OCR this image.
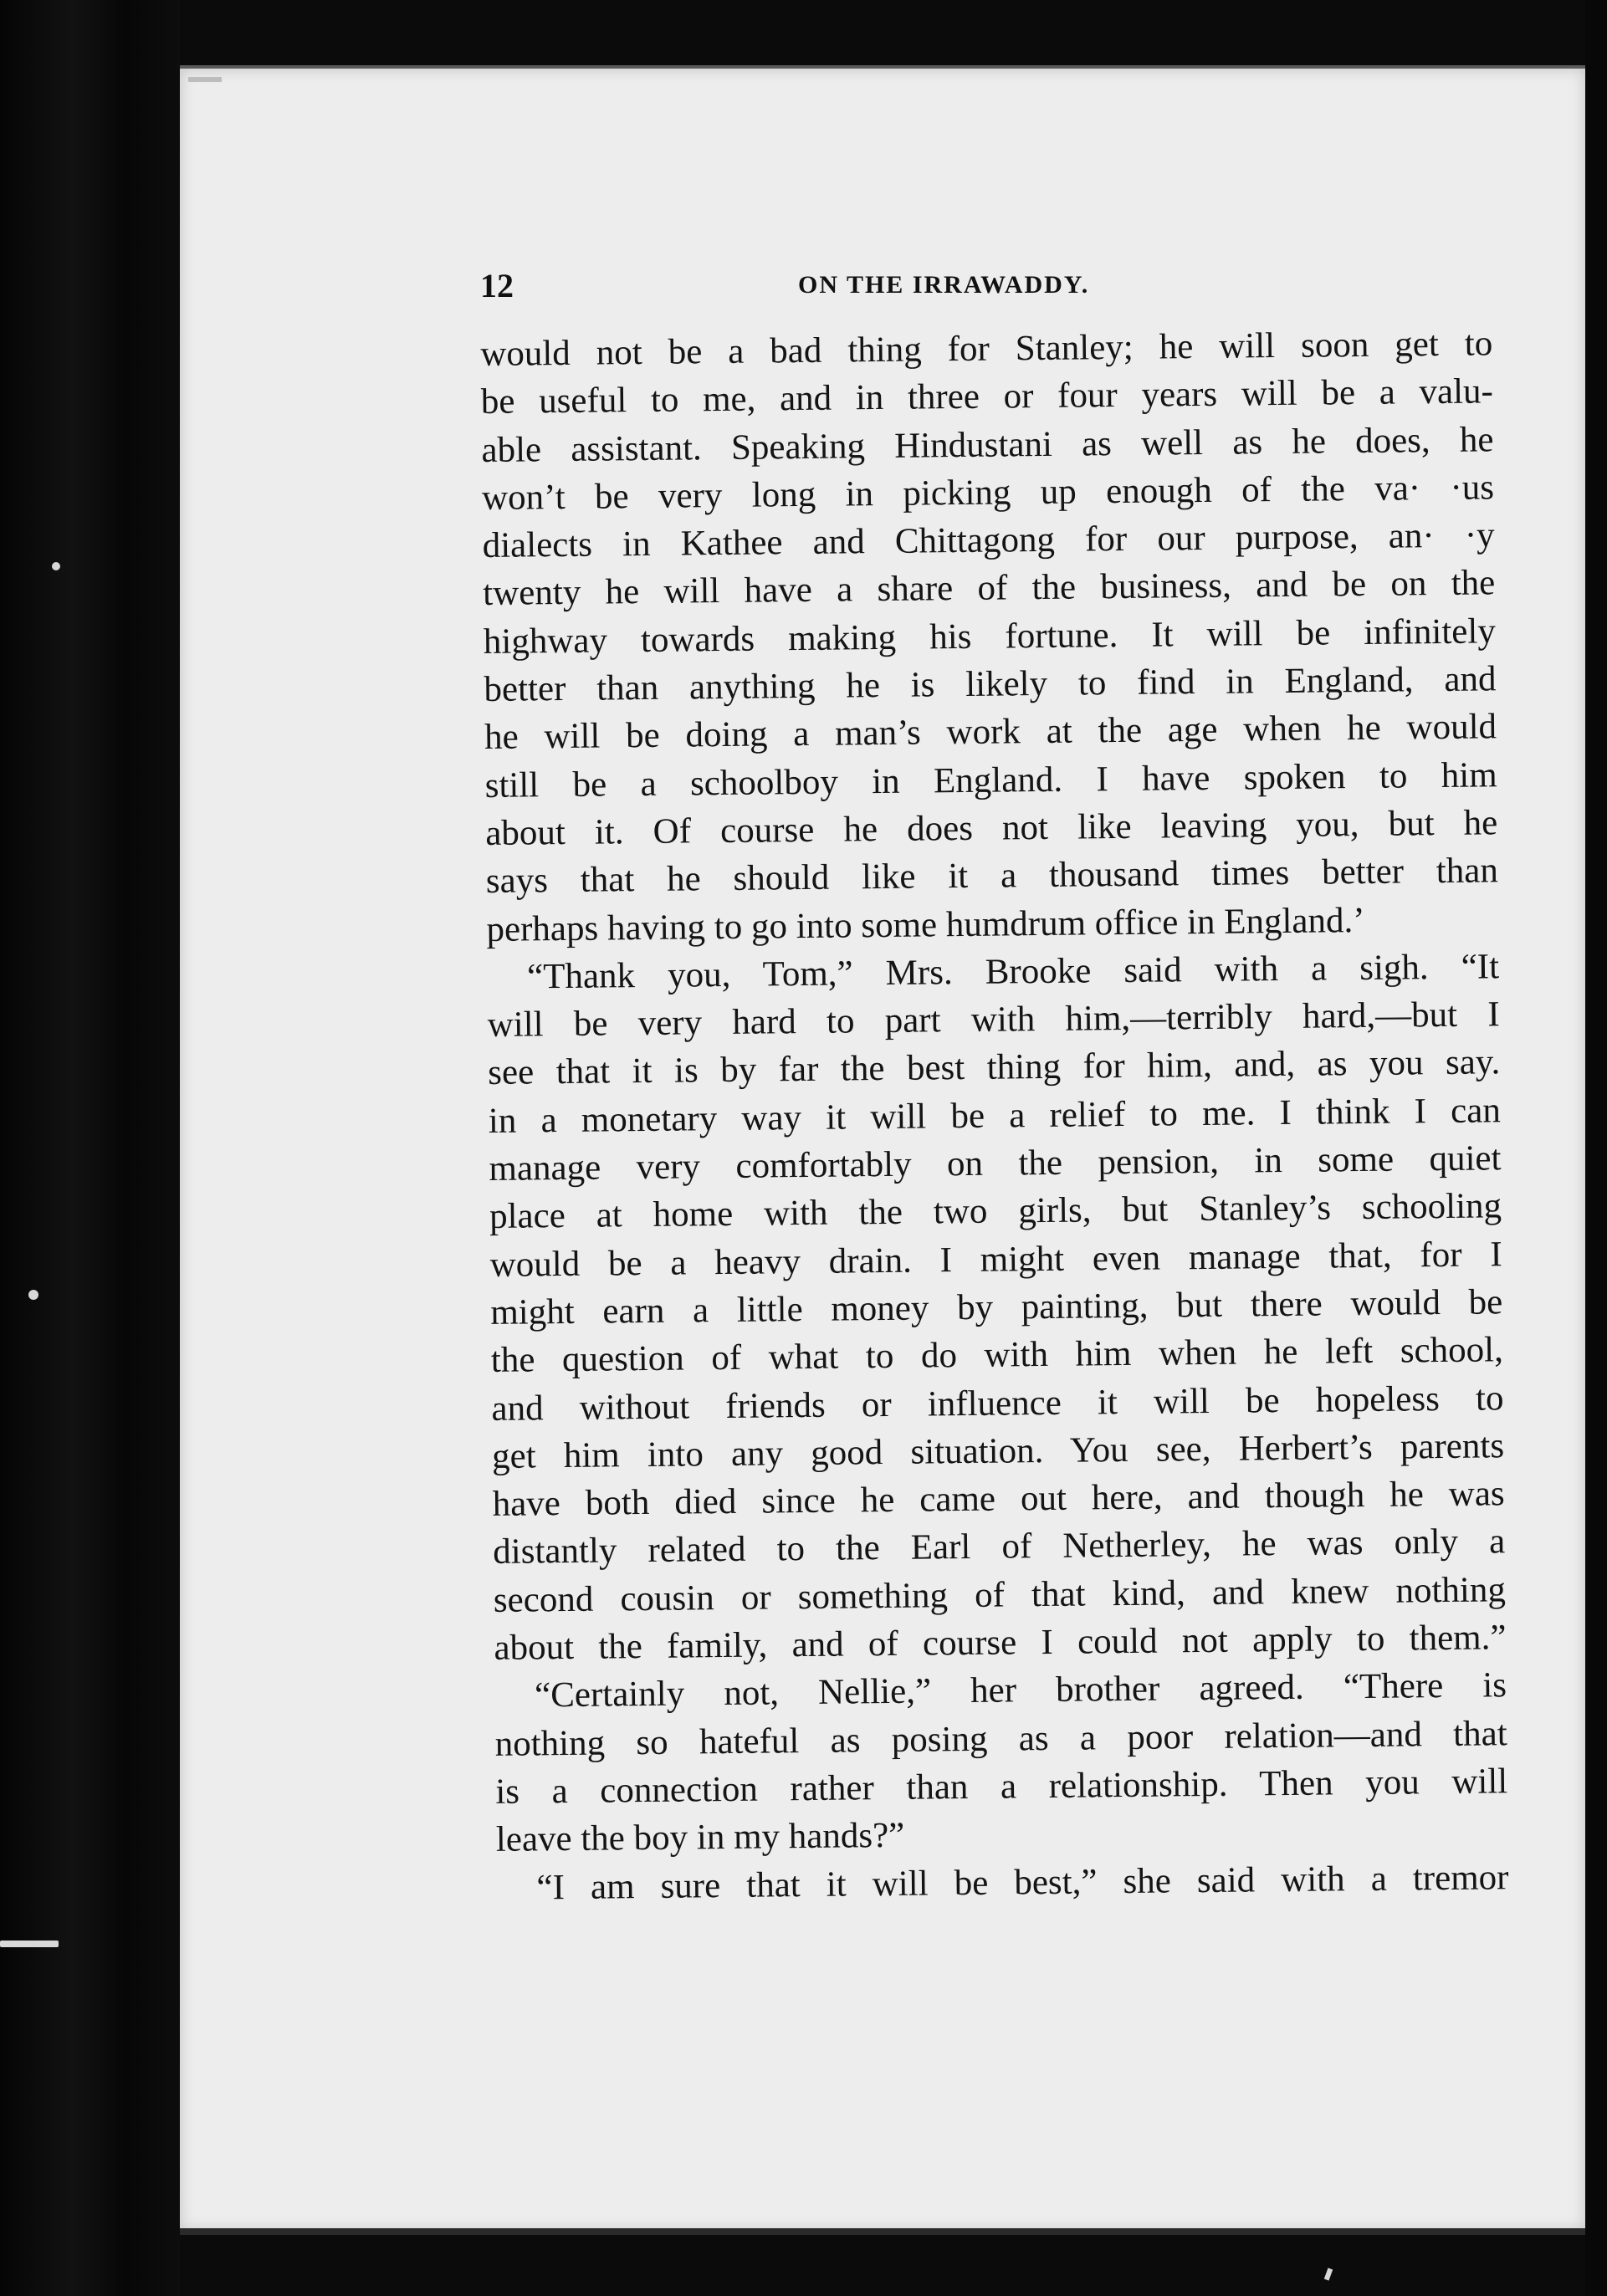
12	ON THE IRRAWADDY.
would not be a bad thing for Stanley; he will soon get to
be useful to me, and in three or four years will be a valu-
able assistant. Speaking Hindustani as well as he does, he
won’t be very long in picking up enough of the va· ·us
dialects in Kathee and Chittagong for our purpose, an· ·y
twenty he will have a share of the business, and be on the
highway towards making his fortune. It will be infinitely
better than anything he is likely to find in England, and
he will be doing a man’s work at the age when he would
still be a schoolboy in England. I have spoken to him
about it. Of course he does not like leaving you, but he
says that he should like it a thousand times better than
perhaps having to go into some humdrum office in England.’
“Thank you, Tom,” Mrs. Brooke said with a sigh. “It
will be very hard to part with him,—terribly hard,—but I
see that it is by far the best thing for him, and, as you say.
in a monetary way it will be a relief to me. I think I can
manage very comfortably on the pension, in some quiet
place at home with the two girls, but Stanley’s schooling
would be a heavy drain. I might even manage that, for I
might earn a little money by painting, but there would be
the question of what to do with him when he left school,
and without friends or influence it will be hopeless to
get him into any good situation. You see, Herbert’s parents
have both died since he came out here, and though he was
distantly related to the Earl of Netherley, he was only a
second cousin or something of that kind, and knew nothing
about the family, and of course I could not apply to them.”
“Certainly not, Nellie,” her brother agreed. “There is
nothing so hateful as posing as a poor relation—and that
is a connection rather than a relationship. Then you will
leave the boy in my hands?”
“I am sure that it will be best,” she said with a tremor
